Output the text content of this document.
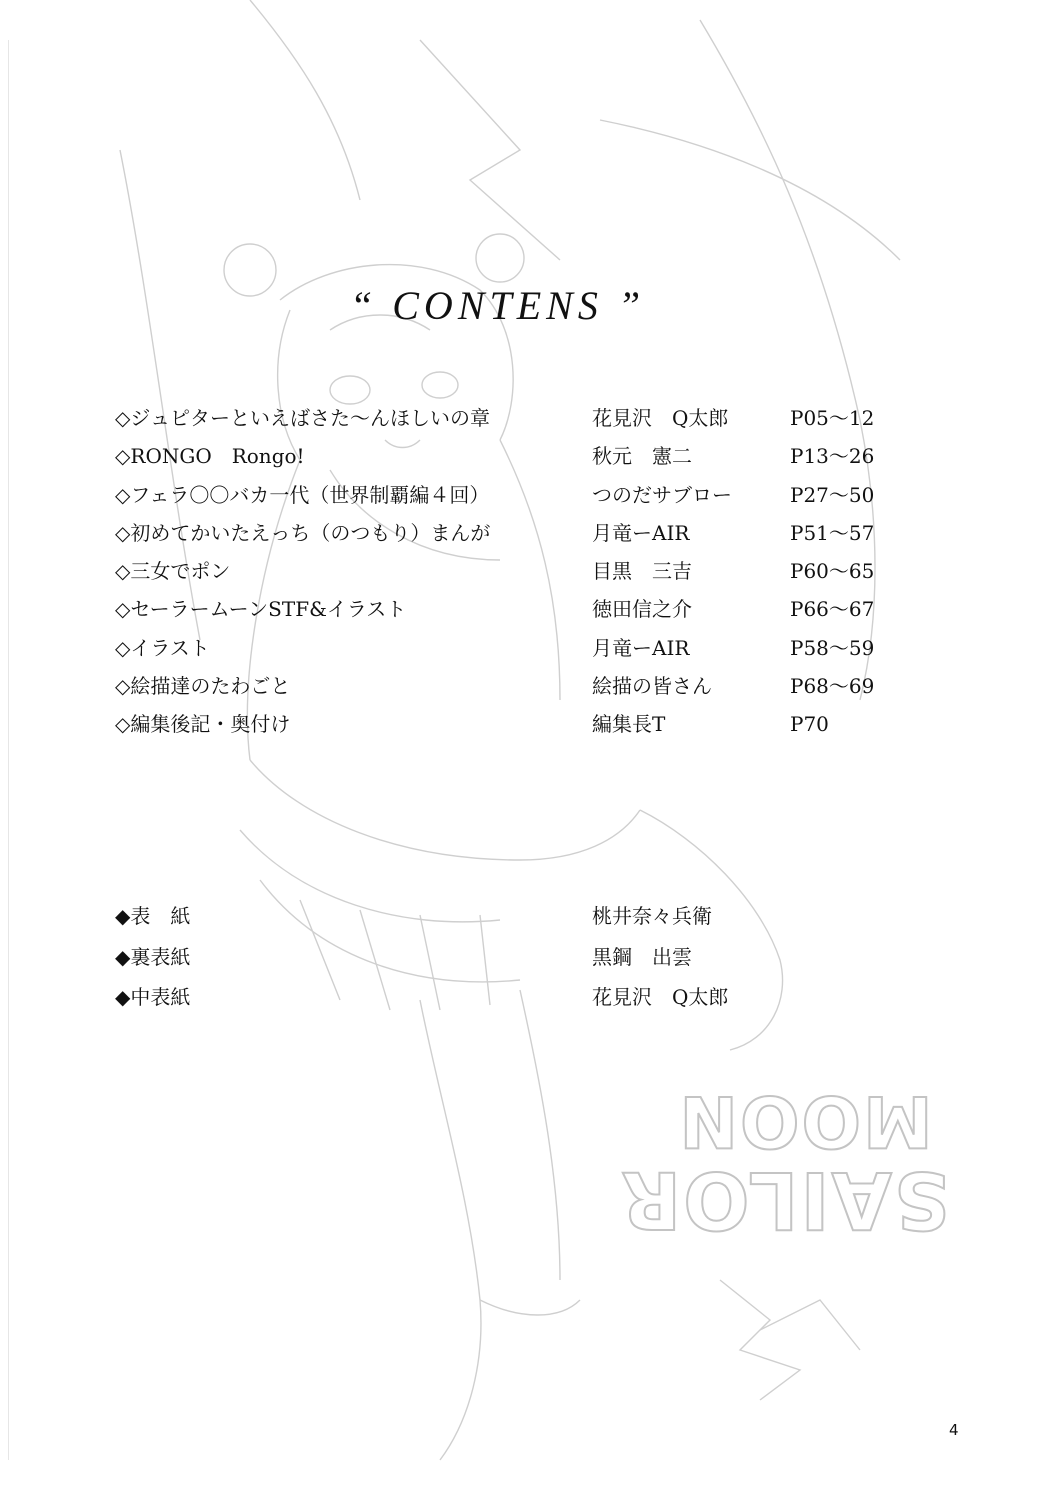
SAILOR
MOON
“ CONTENS ”
◇ジュピターといえばさた〜んほしいの章	花見沢　Q太郎	P05〜12
◇RONGO　Rongo!	秋元　憲二	P13〜26
◇フェラ〇〇バカ一代（世界制覇編４回）	つのだサブロー	P27〜50
◇初めてかいたえっち（のつもり）まんが	月竜ーAIR	P51〜57
◇三女でポン	目黒　三吉	P60〜65
◇セーラームーンSTF&イラスト	徳田信之介	P66〜67
◇イラスト	月竜ーAIR	P58〜59
◇絵描達のたわごと	絵描の皆さん	P68〜69
◇編集後記・奥付け	編集長T	P70
◆表　紙	桃井奈々兵衛
◆裏表紙	黒鋼　出雲
◆中表紙	花見沢　Q太郎
4
